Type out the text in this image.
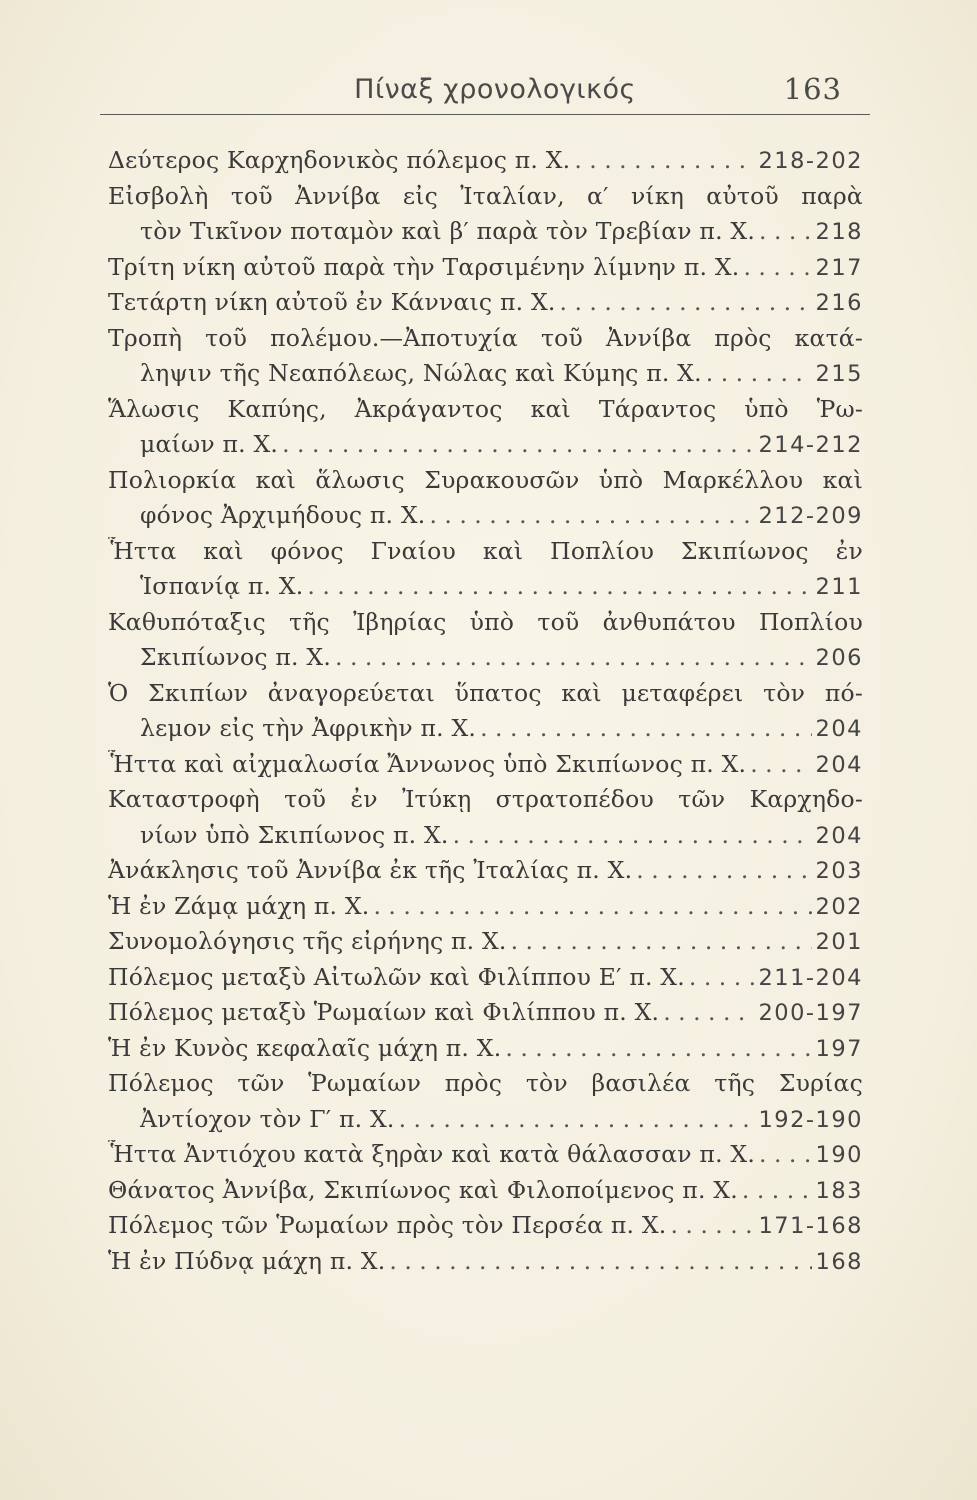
Πίναξ χρονολογικός	163
Δεύτερος Καρχηδονικὸς πόλεμος π. Χ. . . .	218-202
Εἰσβολὴ τοῦ Ἀννίβα εἰς Ἰταλίαν, α′ νίκη αὐτοῦ παρὰ
τὸν Τικῖνον ποταμὸν καὶ β′ παρὰ τὸν Τρεβίαν π. Χ. . . .	218
Τρίτη νίκη αὐτοῦ παρὰ τὴν Ταρσιμένην λίμνην π. Χ. . . .	217
Τετάρτη νίκη αὐτοῦ ἐν Κάνναις π. Χ. . . .	216
Τροπὴ τοῦ πολέμου.—Ἀποτυχία τοῦ Ἀννίβα πρὸς κατά-
ληψιν τῆς Νεαπόλεως, Νώλας καὶ Κύμης π. Χ. . . .	215
Ἅλωσις Καπύης, Ἀκράγαντος καὶ Τάραντος ὑπὸ Ῥω-
μαίων π. Χ. . . .	214-212
Πολιορκία καὶ ἅλωσις Συρακουσῶν ὑπὸ Μαρκέλλου καὶ
φόνος Ἀρχιμήδους π. Χ. . . .	212-209
Ἧττα καὶ φόνος Γναίου καὶ Ποπλίου Σκιπίωνος ἐν
Ἱσπανίᾳ π. Χ. . . .	211
Καθυπόταξις τῆς Ἰβηρίας ὑπὸ τοῦ ἀνθυπάτου Ποπλίου
Σκιπίωνος π. Χ. . . .	206
Ὁ Σκιπίων ἀναγορεύεται ὕπατος καὶ μεταφέρει τὸν πό-
λεμον εἰς τὴν Ἀφρικὴν π. Χ. . . .	204
Ἧττα καὶ αἰχμαλωσία Ἄννωνος ὑπὸ Σκιπίωνος π. Χ. . . .	204
Καταστροφὴ τοῦ ἐν Ἰτύκῃ στρατοπέδου τῶν Καρχηδο-
νίων ὑπὸ Σκιπίωνος π. Χ. . . .	204
Ἀνάκλησις τοῦ Ἀννίβα ἐκ τῆς Ἰταλίας π. Χ. . . .	203
Ἡ ἐν Ζάμᾳ μάχη π. Χ. . . .	202
Συνομολόγησις τῆς εἰρήνης π. Χ. . . .	201
Πόλεμος μεταξὺ Αἰτωλῶν καὶ Φιλίππου Ε′ π. Χ. . . .	211-204
Πόλεμος μεταξὺ Ῥωμαίων καὶ Φιλίππου π. Χ. . . .	200-197
Ἡ ἐν Κυνὸς κεφαλαῖς μάχη π. Χ. . . .	197
Πόλεμος τῶν Ῥωμαίων πρὸς τὸν βασιλέα τῆς Συρίας
Ἀντίοχον τὸν Γ′ π. Χ. . . .	192-190
Ἧττα Ἀντιόχου κατὰ ξηρὰν καὶ κατὰ θάλασσαν π. Χ. . . .	190
Θάνατος Ἀννίβα, Σκιπίωνος καὶ Φιλοποίμενος π. Χ. . . .	183
Πόλεμος τῶν Ῥωμαίων πρὸς τὸν Περσέα π. Χ. . . .	171-168
Ἡ ἐν Πύδνᾳ μάχη π. Χ. . . .	168
